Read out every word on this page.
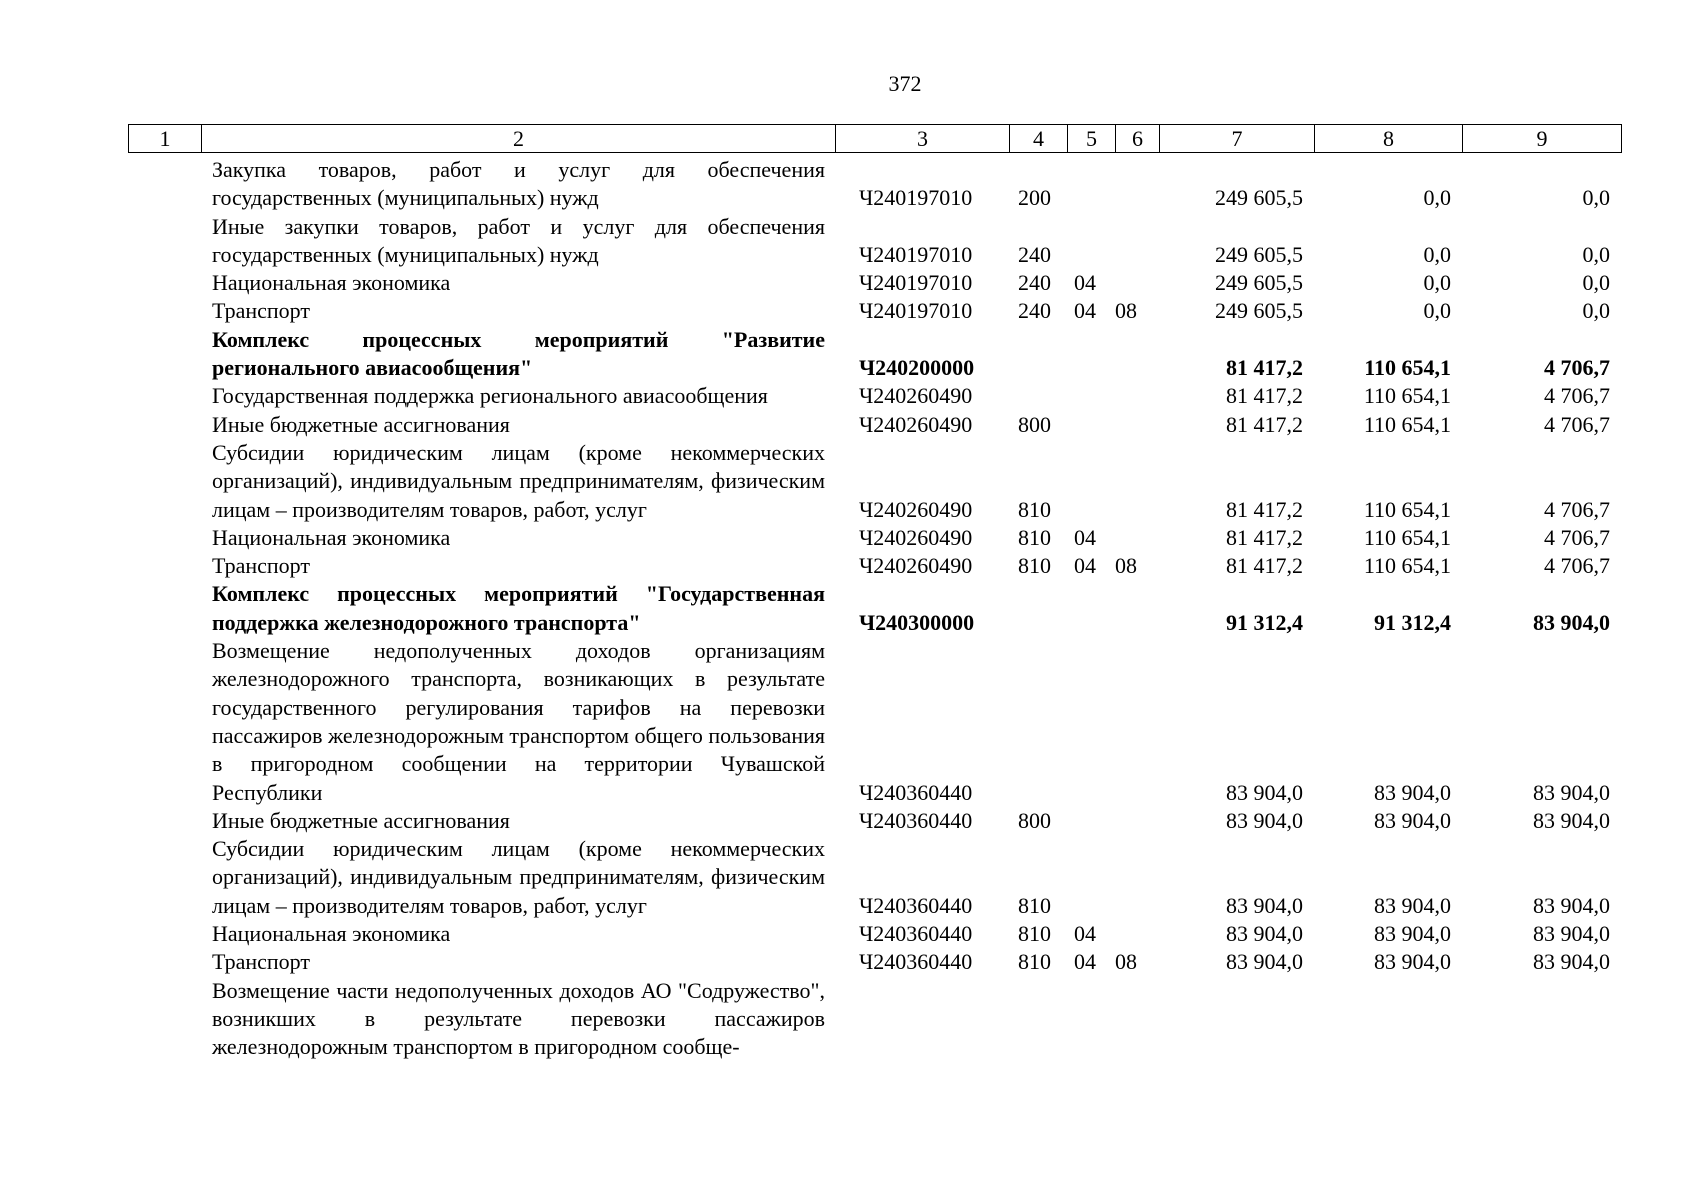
372
1	2	3	4	5	6	7	8	9
Закупка товаров, работ и услуг для обеспечения государственных (муниципальных) нужд	Ч240197010	200			249 605,5	0,0	0,0
Иные закупки товаров, работ и услуг для обеспечения государственных (муниципальных) нужд	Ч240197010	240			249 605,5	0,0	0,0
Национальная экономика	Ч240197010	240	04		249 605,5	0,0	0,0
Транспорт	Ч240197010	240	04	08	249 605,5	0,0	0,0
Комплекс процессных мероприятий "Развитие регионального авиасообщения"	Ч240200000				81 417,2	110 654,1	4 706,7
Государственная поддержка регионального авиасообщения	Ч240260490				81 417,2	110 654,1	4 706,7
Иные бюджетные ассигнования	Ч240260490	800			81 417,2	110 654,1	4 706,7
Субсидии юридическим лицам (кроме некоммерческих организаций), индивидуальным предпринимателям, физическим лицам – производителям товаров, работ, услуг	Ч240260490	810			81 417,2	110 654,1	4 706,7
Национальная экономика	Ч240260490	810	04		81 417,2	110 654,1	4 706,7
Транспорт	Ч240260490	810	04	08	81 417,2	110 654,1	4 706,7
Комплекс процессных мероприятий "Государственная поддержка железнодорожного транспорта"	Ч240300000				91 312,4	91 312,4	83 904,0
Возмещение недополученных доходов организациям железнодорожного транспорта, возникающих в результате государственного регулирования тарифов на перевозки пассажиров железнодорожным транспортом общего пользования в пригородном сообщении на территории Чувашской Республики	Ч240360440				83 904,0	83 904,0	83 904,0
Иные бюджетные ассигнования	Ч240360440	800			83 904,0	83 904,0	83 904,0
Субсидии юридическим лицам (кроме некоммерческих организаций), индивидуальным предпринимателям, физическим лицам – производителям товаров, работ, услуг	Ч240360440	810			83 904,0	83 904,0	83 904,0
Национальная экономика	Ч240360440	810	04		83 904,0	83 904,0	83 904,0
Транспорт	Ч240360440	810	04	08	83 904,0	83 904,0	83 904,0
Возмещение части недополученных доходов АО "Содружество", возникших в результате перевозки пассажиров железнодорожным транспортом в пригородном сообще-							
